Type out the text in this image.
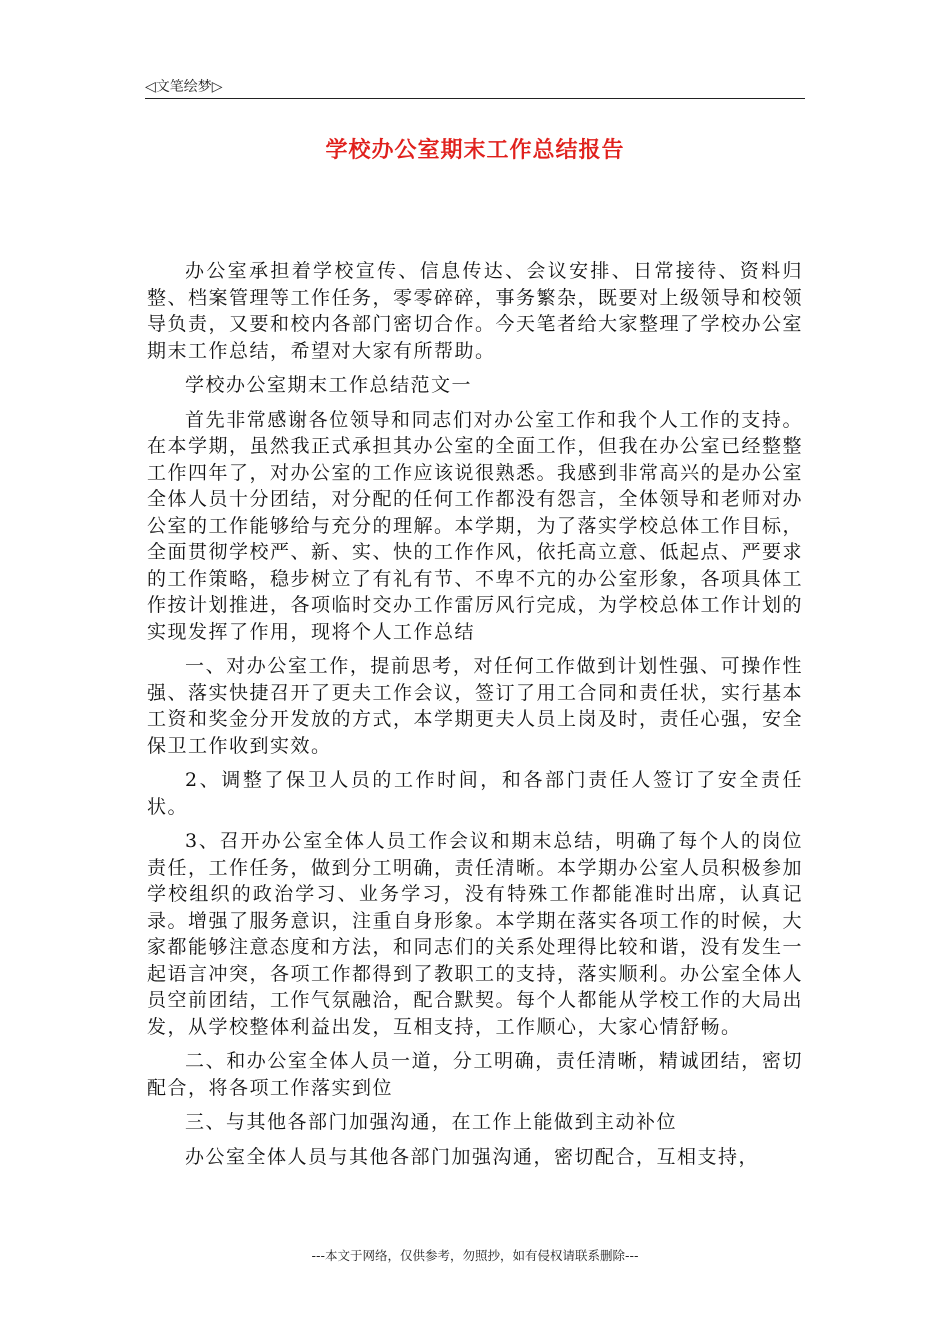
◁文笔绘梦▷
学校办公室期末工作总结报告

办公室承担着学校宣传、信息传达、会议安排、日常接待、资料归整、档案管理等工作任务，零零碎碎，事务繁杂，既要对上级领导和校领导负责，又要和校内各部门密切合作。今天笔者给大家整理了学校办公室期末工作总结，希望对大家有所帮助。

学校办公室期末工作总结范文一

首先非常感谢各位领导和同志们对办公室工作和我个人工作的支持。在本学期，虽然我正式承担其办公室的全面工作，但我在办公室已经整整工作四年了，对办公室的工作应该说很熟悉。我感到非常高兴的是办公室全体人员十分团结，对分配的任何工作都没有怨言，全体领导和老师对办公室的工作能够给与充分的理解。本学期，为了落实学校总体工作目标，全面贯彻学校严、新、实、快的工作作风，依托高立意、低起点、严要求的工作策略，稳步树立了有礼有节、不卑不亢的办公室形象，各项具体工作按计划推进，各项临时交办工作雷厉风行完成，为学校总体工作计划的实现发挥了作用，现将个人工作总结

一、对办公室工作，提前思考，对任何工作做到计划性强、可操作性强、落实快捷召开了更夫工作会议，签订了用工合同和责任状，实行基本工资和奖金分开发放的方式，本学期更夫人员上岗及时，责任心强，安全保卫工作收到实效。

2、调整了保卫人员的工作时间，和各部门责任人签订了安全责任状。

3、召开办公室全体人员工作会议和期末总结，明确了每个人的岗位责任，工作任务，做到分工明确，责任清晰。本学期办公室人员积极参加学校组织的政治学习、业务学习，没有特殊工作都能准时出席，认真记录。增强了服务意识，注重自身形象。本学期在落实各项工作的时候，大家都能够注意态度和方法，和同志们的关系处理得比较和谐，没有发生一起语言冲突，各项工作都得到了教职工的支持，落实顺利。办公室全体人员空前团结，工作气氛融洽，配合默契。每个人都能从学校工作的大局出发，从学校整体利益出发，互相支持，工作顺心，大家心情舒畅。

二、和办公室全体人员一道，分工明确，责任清晰，精诚团结，密切配合，将各项工作落实到位

三、与其他各部门加强沟通，在工作上能做到主动补位

办公室全体人员与其他各部门加强沟通，密切配合，互相支持，

---本文于网络，仅供参考，勿照抄，如有侵权请联系删除---
